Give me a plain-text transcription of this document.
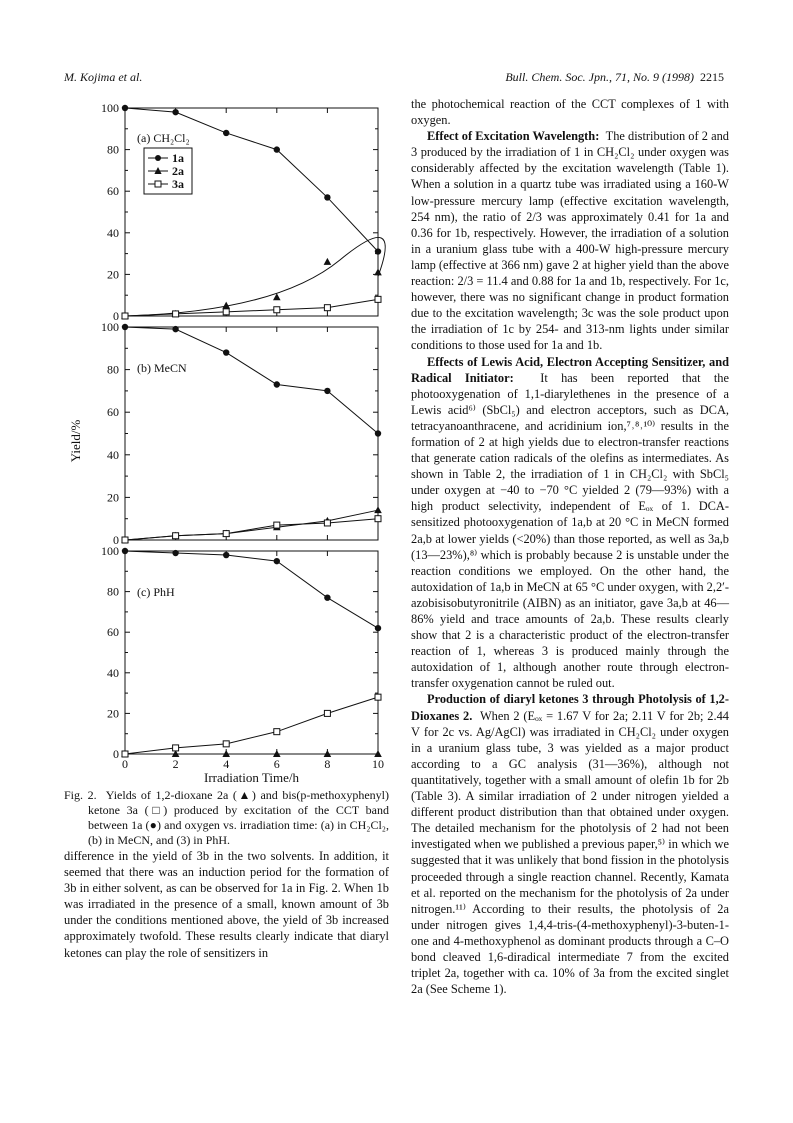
M. Kojima et al.	Bull. Chem. Soc. Jpn., 71, No. 9 (1998) 2215
0
20
40
60
80
100
(a) CH₂Cl₂
0
20
40
60
80
100
(b) MeCN
0
20
40
60
80
100
0	2	4	6	8	10
(c) PhH
1a
2a
3a
Yield/%
Irradiation Time/h
Fig. 2. Yields of 1,2-dioxane 2a (▲) and bis(p-methoxyphenyl) ketone 3a (□) produced by excitation of the CCT band between 1a (●) and oxygen vs. irradiation time: (a) in CH₂Cl₂, (b) in MeCN, and (3) in PhH.

difference in the yield of 3b in the two solvents. In addition, it seemed that there was an induction period for the formation of 3b in either solvent, as can be observed for 1a in Fig. 2. When 1b was irradiated in the presence of a small, known amount of 3b under the conditions mentioned above, the yield of 3b increased approximately twofold. These results clearly indicate that diaryl ketones can play the role of sensitizers in

the photochemical reaction of the CCT complexes of 1 with oxygen.

Effect of Excitation Wavelength: The distribution of 2 and 3 produced by the irradiation of 1 in CH₂Cl₂ under oxygen was considerably affected by the excitation wavelength (Table 1). When a solution in a quartz tube was irradiated using a 160-W low-pressure mercury lamp (effective excitation wavelength, 254 nm), the ratio of 2/3 was approximately 0.41 for 1a and 0.36 for 1b, respectively. However, the irradiation of a solution in a uranium glass tube with a 400-W high-pressure mercury lamp (effective at 366 nm) gave 2 at higher yield than the above reaction: 2/3 = 11.4 and 0.88 for 1a and 1b, respectively. For 1c, however, there was no significant change in product formation due to the excitation wavelength; 3c was the sole product upon the irradiation of 1c by 254- and 313-nm lights under similar conditions to those used for 1a and 1b.

Effects of Lewis Acid, Electron Accepting Sensitizer, and Radical Initiator: It has been reported that the photooxygenation of 1,1-diarylethenes in the presence of a Lewis acid⁶⁾ (SbCl₅) and electron acceptors, such as DCA, tetracyanoanthracene, and acridinium ion,⁷˒⁸˒¹⁰⁾ results in the formation of 2 at high yields due to electron-transfer reactions that generate cation radicals of the olefins as intermediates. As shown in Table 2, the irradiation of 1 in CH₂Cl₂ with SbCl₅ under oxygen at −40 to −70 °C yielded 2 (79—93%) with a high product selectivity, independent of Eₒₓ of 1. DCA-sensitized photooxygenation of 1a,b at 20 °C in MeCN formed 2a,b at lower yields (<20%) than those reported, as well as 3a,b (13—23%),⁸⁾ which is probably because 2 is unstable under the reaction conditions we employed. On the other hand, the autoxidation of 1a,b in MeCN at 65 °C under oxygen, with 2,2′-azobisisobutyronitrile (AIBN) as an initiator, gave 3a,b at 46—86% yield and trace amounts of 2a,b. These results clearly show that 2 is a characteristic product of the electron-transfer reaction of 1, whereas 3 is produced mainly through the autoxidation of 1, although another route through electron-transfer oxygenation cannot be ruled out.

Production of diaryl ketones 3 through Photolysis of 1,2-Dioxanes 2. When 2 (Eₒₓ = 1.67 V for 2a; 2.11 V for 2b; 2.44 V for 2c vs. Ag/AgCl) was irradiated in CH₂Cl₂ under oxygen in a uranium glass tube, 3 was yielded as a major product according to a GC analysis (31—36%), although not quantitatively, together with a small amount of olefin 1b for 2b (Table 3). A similar irradiation of 2 under nitrogen yielded a different product distribution than that obtained under oxygen. The detailed mechanism for the photolysis of 2 had not been investigated when we published a previous paper,⁵⁾ in which we suggested that it was unlikely that bond fission in the photolysis proceeded through a single reaction channel. Recently, Kamata et al. reported on the mechanism for the photolysis of 2a under nitrogen.¹¹⁾ According to their results, the photolysis of 2a under nitrogen gives 1,4,4-tris-(4-methoxyphenyl)-3-buten-1-one and 4-methoxyphenol as dominant products through a C–O bond cleaved 1,6-diradical intermediate 7 from the excited triplet 2a, together with ca. 10% of 3a from the excited singlet 2a (See Scheme 1).
